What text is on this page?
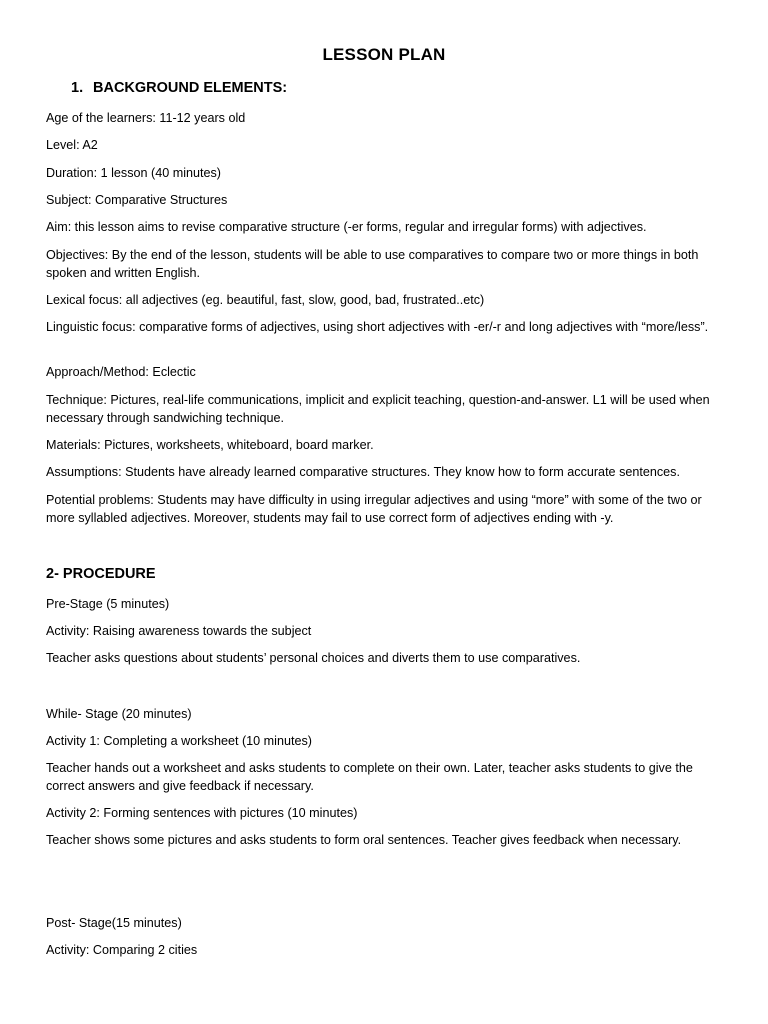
LESSON PLAN
1. BACKGROUND ELEMENTS:

Age of the learners: 11-12 years old

Level: A2

Duration: 1 lesson (40 minutes)

Subject: Comparative Structures

Aim: this lesson aims to revise comparative structure (-er forms, regular and irregular forms) with adjectives.

Objectives: By the end of the lesson, students will be able to use comparatives to compare two or more things in both spoken and written English.

Lexical focus: all adjectives (eg. beautiful, fast, slow, good, bad, frustrated..etc)

Linguistic focus: comparative forms of adjectives, using short adjectives with -er/-r and long adjectives with “more/less”.

Approach/Method: Eclectic

Technique: Pictures, real-life communications, implicit and explicit teaching, question-and-answer. L1 will be used when necessary through sandwiching technique.

Materials: Pictures, worksheets, whiteboard, board marker.

Assumptions: Students have already learned comparative structures. They know how to form accurate sentences.

Potential problems: Students may have difficulty in using irregular adjectives and using “more” with some of the two or more syllabled adjectives. Moreover, students may fail to use correct form of adjectives ending with -y.

2- PROCEDURE

Pre-Stage (5 minutes)

Activity: Raising awareness towards the subject

Teacher asks questions about students’ personal choices and diverts them to use comparatives.

While- Stage (20 minutes)

Activity 1: Completing a worksheet (10 minutes)

Teacher hands out a worksheet and asks students to complete on their own. Later, teacher asks students to give the correct answers and give feedback if necessary.

Activity 2: Forming sentences with pictures (10 minutes)

Teacher shows some pictures and asks students to form oral sentences. Teacher gives feedback when necessary.

Post- Stage(15 minutes)

Activity: Comparing 2 cities
